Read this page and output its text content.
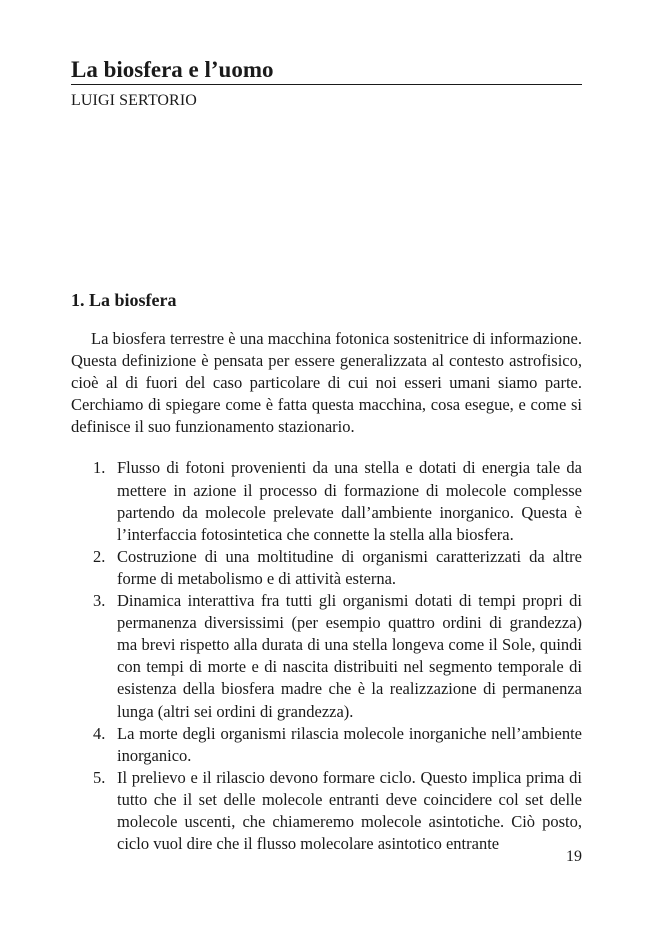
La biosfera e l’uomo
LUIGI SERTORIO
1. La biosfera

La biosfera terrestre è una macchina fotonica sostenitrice di informazione. Questa definizione è pensata per essere generalizzata al contesto astrofisico, cioè al di fuori del caso particolare di cui noi esseri umani siamo parte. Cerchiamo di spiegare come è fatta questa macchina, cosa esegue, e come si definisce il suo funzionamento stazionario.

1. Flusso di fotoni provenienti da una stella e dotati di energia tale da mettere in azione il processo di formazione di molecole complesse partendo da molecole prelevate dall’ambiente inorganico. Questa è l’interfaccia fotosintetica che connette la stella alla biosfera.
2. Costruzione di una moltitudine di organismi caratterizzati da altre forme di metabolismo e di attività esterna.
3. Dinamica interattiva fra tutti gli organismi dotati di tempi propri di permanenza diversissimi (per esempio quattro ordini di grandezza) ma brevi rispetto alla durata di una stella longeva come il Sole, quindi con tempi di morte e di nascita distribuiti nel segmento temporale di esistenza della biosfera madre che è la realizzazione di permanenza lunga (altri sei ordini di grandezza).
4. La morte degli organismi rilascia molecole inorganiche nell’ambiente inorganico.
5. Il prelievo e il rilascio devono formare ciclo. Questo implica prima di tutto che il set delle molecole entranti deve coincidere col set delle molecole uscenti, che chiameremo molecole asintotiche. Ciò posto, ciclo vuol dire che il flusso molecolare asintotico entrante
19
